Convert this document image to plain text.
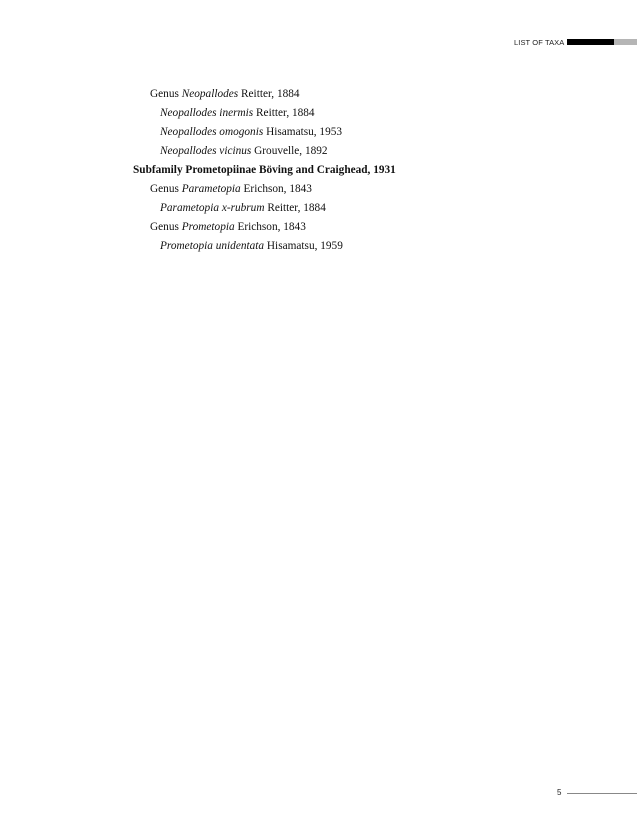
LIST OF TAXA
Genus Neopallodes Reitter, 1884
Neopallodes inermis Reitter, 1884
Neopallodes omogonis Hisamatsu, 1953
Neopallodes vicinus Grouvelle, 1892
Subfamily Prometopiinae Böving and Craighead, 1931
Genus Parametopia Erichson, 1843
Parametopia x-rubrum Reitter, 1884
Genus Prometopia Erichson, 1843
Prometopia unidentata Hisamatsu, 1959
5
